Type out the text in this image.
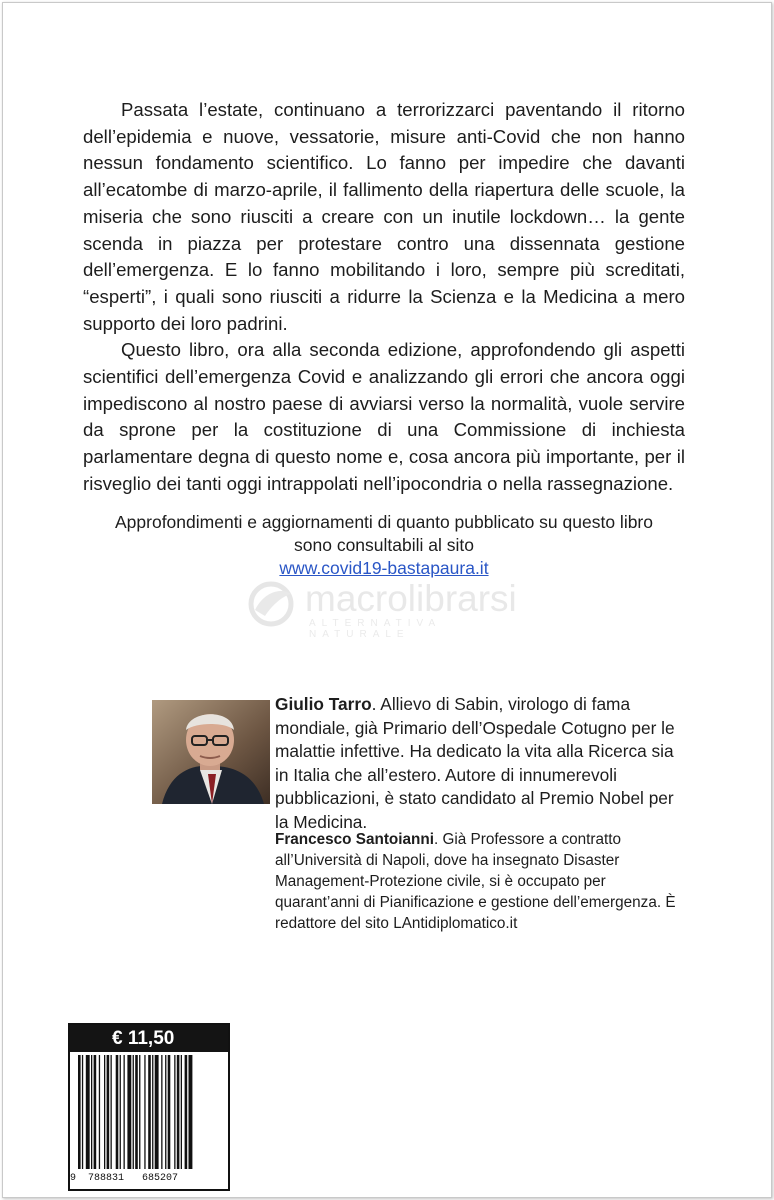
Passata l’estate, continuano a terrorizzarci paventando il ritorno dell’epidemia e nuove, vessatorie, misure anti-Covid che non hanno nessun fondamento scientifico. Lo fanno per impedire che davanti all’ecatombe di marzo-aprile, il fallimento della riapertura delle scuole, la miseria che sono riusciti a creare con un inutile lockdown… la gente scenda in piazza per protestare contro una dissennata gestione dell’emergenza. E lo fanno mobilitando i loro, sempre più screditati, “esperti”, i quali sono riusciti a ridurre la Scienza e la Medicina a mero supporto dei loro padrini.

Questo libro, ora alla seconda edizione, approfondendo gli aspetti scientifici dell’emergenza Covid e analizzando gli errori che ancora oggi impediscono al nostro paese di avviarsi verso la normalità, vuole servire da sprone per la costituzione di una Commissione di inchiesta parlamentare degna di questo nome e, cosa ancora più importante, per il risveglio dei tanti oggi intrappolati nell’ipocondria o nella rassegnazione.

Approfondimenti e aggiornamenti di quanto pubblicato su questo libro
sono consultabili al sito
www.covid19-bastapaura.it
macrolibrarsi
ALTERNATIVA NATURALE
Giulio Tarro. Allievo di Sabin, virologo di fama mondiale, già Primario dell’Ospedale Cotugno per le malattie infettive. Ha dedicato la vita alla Ricerca sia in Italia che all’estero. Autore di innumerevoli pubblicazioni, è stato candidato al Premio Nobel per la Medicina.
Francesco Santoianni. Già Professore a contratto all’Università di Napoli, dove ha insegnato Disaster Management-Protezione civile, si è occupato per quarant’anni di Pianificazione e gestione dell’emergenza. È redattore del sito LAntidiplomatico.it
€ 11,50
9  788831   685207
